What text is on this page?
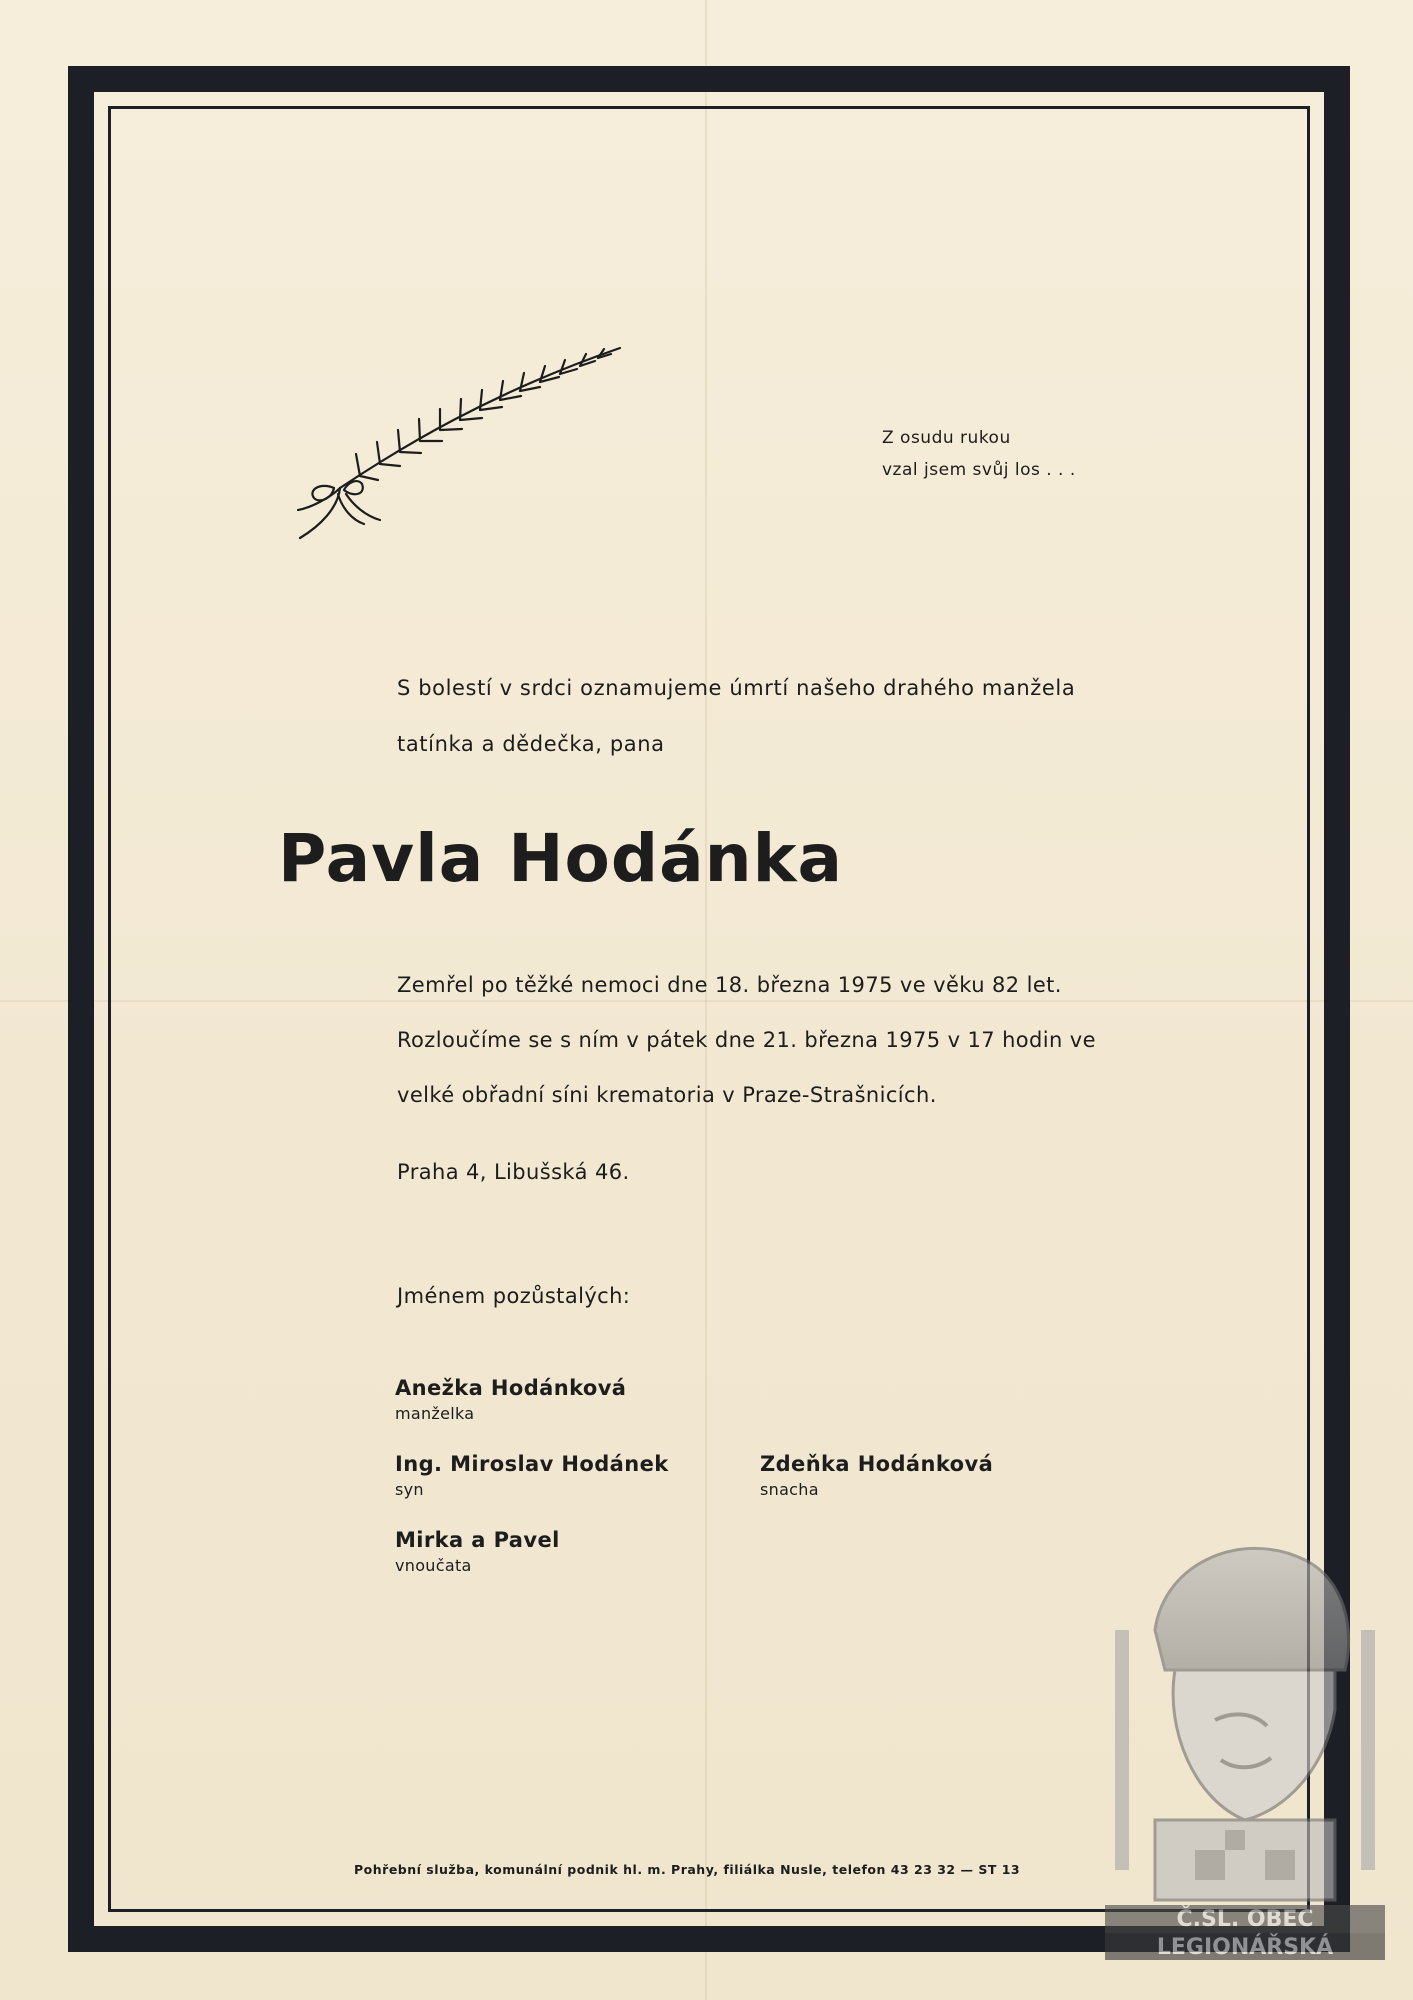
Z osudu rukou
vzal jsem svůj los . . .
S bolestí v srdci oznamujeme úmrtí našeho drahého manžela
tatínka a dědečka, pana
Pavla Hodánka
Zemřel po těžké nemoci dne 18. března 1975 ve věku 82 let.
Rozloučíme se s ním v pátek dne 21. března 1975 v 17 hodin ve
velké obřadní síni krematoria v Praze-Strašnicích.
Praha 4, Libušská 46.
Jménem pozůstalých:
Anežka Hodánková
manželka
Ing. Miroslav Hodánek
syn
Zdeňka Hodánková
snacha
Mirka a Pavel
vnoučata
Pohřební služba, komunální podnik hl. m. Prahy, filiálka Nusle, telefon 43 23 32 — ST 13
Č.SL. OBEC
LEGIONÁŘSKÁ
